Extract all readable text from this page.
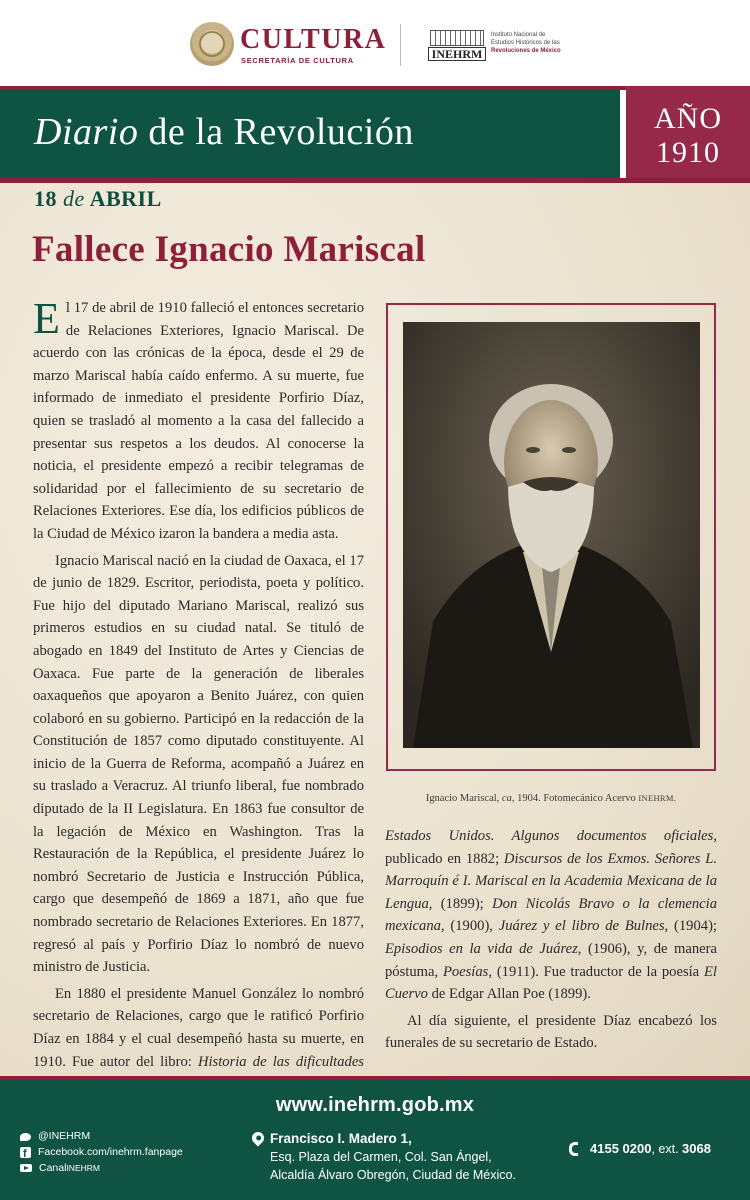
CULTURA
SECRETARÍA DE CULTURA	INEHRM
Instituto Nacional de
Estudios Históricos de las
Revoluciones de México
Diario de la Revolución	AÑO
1910
18 de ABRIL
Fallece Ignacio Mariscal

El 17 de abril de 1910 falleció el entonces secretario de Relaciones Exteriores, Ignacio Mariscal. De acuerdo con las crónicas de la época, desde el 29 de marzo Mariscal había caído enfermo. A su muerte, fue informado de inmediato el presidente Porfirio Díaz, quien se trasladó al momento a la casa del fallecido a presentar sus respetos a los deudos. Al conocerse la noticia, el presidente empezó a recibir telegramas de solidaridad por el fallecimiento de su secretario de Relaciones Exteriores. Ese día, los edificios públicos de la Ciudad de México izaron la bandera a media asta.

Ignacio Mariscal nació en la ciudad de Oaxaca, el 17 de junio de 1829. Escritor, periodista, poeta y político. Fue hijo del diputado Mariano Mariscal, realizó sus primeros estudios en su ciudad natal. Se tituló de abogado en 1849 del Instituto de Artes y Ciencias de Oaxaca. Fue parte de la generación de liberales oaxaqueños que apoyaron a Benito Juárez, con quien colaboró en su gobierno. Participó en la redacción de la Constitución de 1857 como diputado constituyente. Al inicio de la Guerra de Reforma, acompañó a Juárez en su traslado a Veracruz. Al triunfo liberal, fue nombrado diputado de la II Legislatura. En 1863 fue consultor de la legación de México en Washington. Tras la Restauración de la República, el presidente Juárez lo nombró Secretario de Justicia e Instrucción Pública, cargo que desempeñó de 1869 a 1871, año que fue nombrado secretario de Relaciones Exteriores. En 1877, regresó al país y Porfirio Díaz lo nombró de nuevo ministro de Justicia.

En 1880 el presidente Manuel González lo nombró secretario de Relaciones, cargo que le ratificó Porfirio Díaz en 1884 y el cual desempeñó hasta su muerte, en 1910. Fue autor del libro: Historia de las dificultades

Ignacio Mariscal, ca, 1904. Fotomecánico Acervo INEHRM.

Estados Unidos. Algunos documentos oficiales, publicado en 1882; Discursos de los Exmos. Señores L. Marroquín é I. Mariscal en la Academia Mexicana de la Lengua, (1899); Don Nicolás Bravo o la clemencia mexicana, (1900), Juárez y el libro de Bulnes, (1904); Episodios en la vida de Juárez, (1906), y, de manera póstuma, Poesías, (1911). Fue traductor de la poesía El Cuervo de Edgar Allan Poe (1899).

Al día siguiente, el presidente Díaz encabezó los funerales de su secretario de Estado.

www.inehrm.gob.mx
@INEHRM
f
Facebook.com/inehrm.fanpage
Canal INEHRM
Francisco I. Madero 1,
Esq. Plaza del Carmen, Col. San Ángel,
Alcaldía Álvaro Obregón, Ciudad de México.
4155 0200, ext. 3068
